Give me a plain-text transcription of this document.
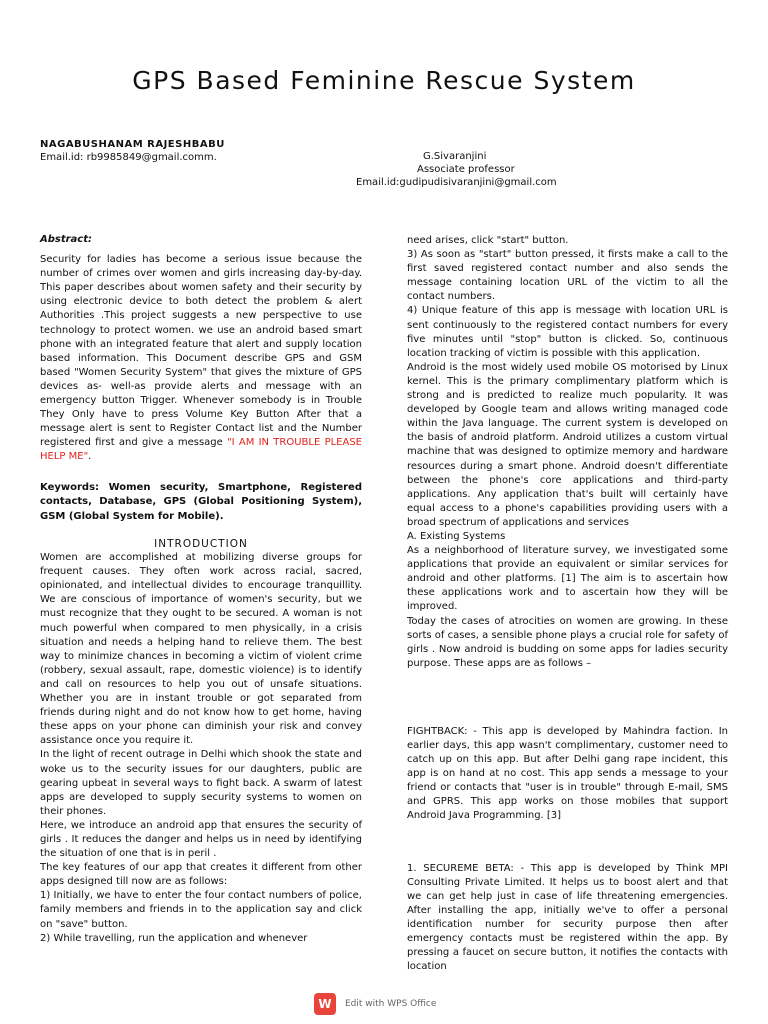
GPS Based Feminine Rescue System
NAGABUSHANAM RAJESHBABU
Email.id: rb9985849@gmail.comm.	G.Sivaranjini
Associate professor
Email.id:gudipudisivaranjini@gmail.com

Abstract:

Security for ladies has become a serious issue because the number of crimes over women and girls increasing day-by-day. This paper describes about women safety and their security by using electronic device to both detect the problem & alert Authorities .This project suggests a new perspective to use technology to protect women. we use an android based smart phone with an integrated feature that alert and supply location based information. This Document describe GPS and GSM based "Women Security System" that gives the mixture of GPS devices as- well-as provide alerts and message with an emergency button Trigger. Whenever somebody is in Trouble They Only have to press Volume Key Button After that a message alert is sent to Register Contact list and the Number registered first and give a message "I AM IN TROUBLE PLEASE HELP ME".

Keywords: Women security, Smartphone, Registered contacts, Database, GPS (Global Positioning System), GSM (Global System for Mobile).

INTRODUCTION

Women are accomplished at mobilizing diverse groups for frequent causes. They often work across racial, sacred, opinionated, and intellectual divides to encourage tranquillity. We are conscious of importance of women's security, but we must recognize that they ought to be secured. A woman is not much powerful when compared to men physically, in a crisis situation and needs a helping hand to relieve them. The best way to minimize chances in becoming a victim of violent crime (robbery, sexual assault, rape, domestic violence) is to identify and call on resources to help you out of unsafe situations. Whether you are in instant trouble or got separated from friends during night and do not know how to get home, having these apps on your phone can diminish your risk and convey assistance once you require it.

In the light of recent outrage in Delhi which shook the state and woke us to the security issues for our daughters, public are gearing upbeat in several ways to fight back. A swarm of latest apps are developed to supply security systems to women on their phones.

Here, we introduce an android app that ensures the security of girls . It reduces the danger and helps us in need by identifying the situation of one that is in peril .

The key features of our app that creates it different from other apps designed till now are as follows:

1) Initially, we have to enter the four contact numbers of police, family members and friends in to the application say and click on "save" button.

2) While travelling, run the application and whenever

need arises, click "start" button.

3) As soon as "start" button pressed, it firsts make a call to the first saved registered contact number and also sends the message containing location URL of the victim to all the contact numbers.

4) Unique feature of this app is message with location URL is sent continuously to the registered contact numbers for every five minutes until "stop" button is clicked. So, continuous location tracking of victim is possible with this application.

Android is the most widely used mobile OS motorised by Linux kernel. This is the primary complimentary platform which is strong and is predicted to realize much popularity. It was developed by Google team and allows writing managed code within the Java language. The current system is developed on the basis of android platform. Android utilizes a custom virtual machine that was designed to optimize memory and hardware resources during a smart phone. Android doesn't differentiate between the phone's core applications and third-party applications. Any application that's built will certainly have equal access to a phone's capabilities providing users with a broad spectrum of applications and services

A. Existing Systems

As a neighborhood of literature survey, we investigated some applications that provide an equivalent or similar services for android and other platforms. [1] The aim is to ascertain how these applications work and to ascertain how they will be improved.

Today the cases of atrocities on women are growing. In these sorts of cases, a sensible phone plays a crucial role for safety of girls . Now android is budding on some apps for ladies security purpose. These apps are as follows –

FIGHTBACK: - This app is developed by Mahindra faction. In earlier days, this app wasn't complimentary, customer need to catch up on this app. But after Delhi gang rape incident, this app is on hand at no cost. This app sends a message to your friend or contacts that "user is in trouble" through E-mail, SMS and GPRS. This app works on those mobiles that support Android Java Programming. [3]

1. SECUREME BETA: - This app is developed by Think MPI Consulting Private Limited. It helps us to boost alert and that we can get help just in case of life threatening emergencies. After installing the app, initially we've to offer a personal identification number for security purpose then after emergency contacts must be registered within the app. By pressing a faucet on secure button, it notifies the contacts with location

W	Edit with WPS Office
